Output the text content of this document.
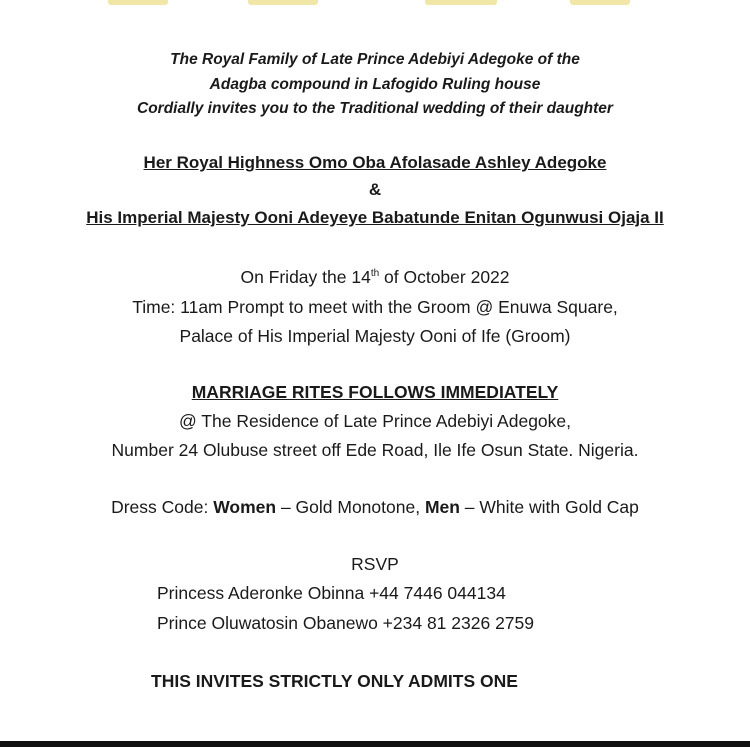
The Royal Family of Late Prince Adebiyi Adegoke of the
Adagba compound in Lafogido Ruling house
Cordially invites you to the Traditional wedding of their daughter
Her Royal Highness Omo Oba Afolasade Ashley Adegoke
&
His Imperial Majesty Ooni Adeyeye Babatunde Enitan Ogunwusi Ojaja II
On Friday the 14th of October 2022
Time: 11am Prompt to meet with the Groom @ Enuwa Square,
Palace of His Imperial Majesty Ooni of Ife (Groom)
MARRIAGE RITES FOLLOWS IMMEDIATELY
@ The Residence of Late Prince Adebiyi Adegoke,
Number 24 Olubuse street off Ede Road, Ile Ife Osun State. Nigeria.
Dress Code: Women – Gold Monotone, Men – White with Gold Cap
RSVP
Princess Aderonke Obinna +44 7446 044134
Prince Oluwatosin Obanewo +234 81 2326 2759
THIS INVITES STRICTLY ONLY ADMITS ONE
